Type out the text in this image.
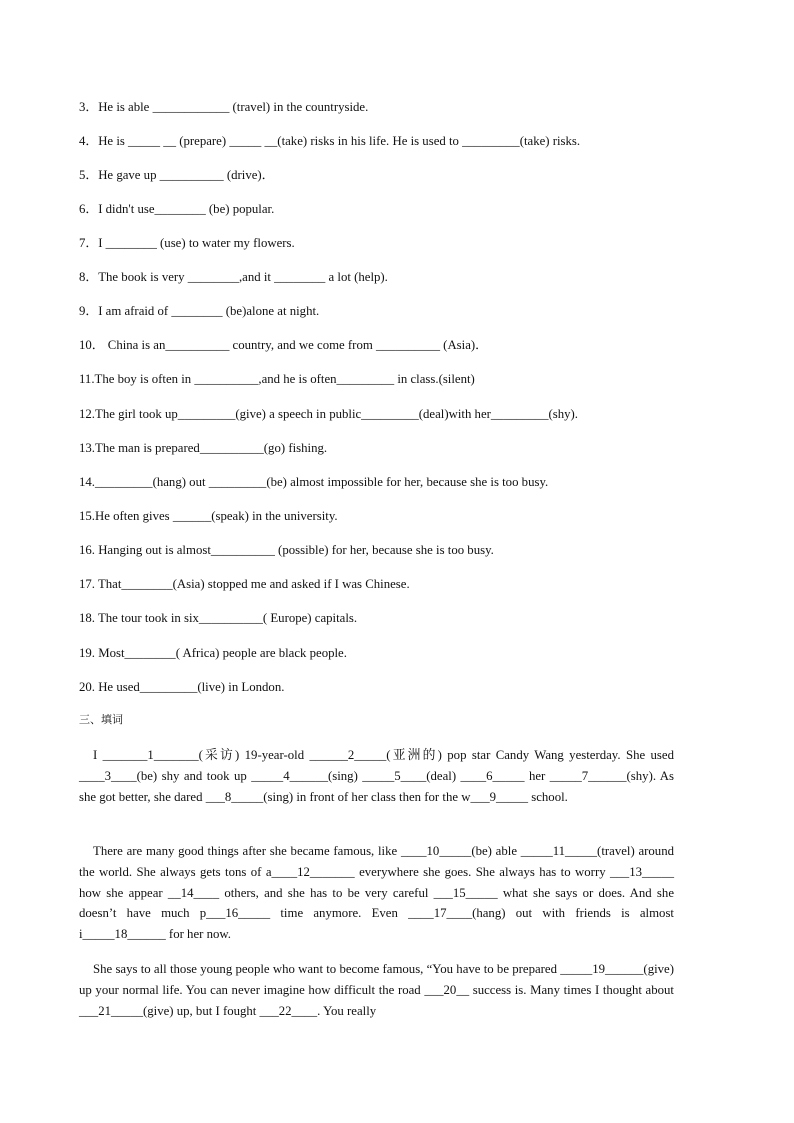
3．He is able ____________ (travel) in the countryside.
4．He is _____ __ (prepare) _____ __(take) risks in his life. He is used to _________(take) risks.
5．He gave up __________ (drive)．
6．I didn't use________ (be) popular.
7．I ________ (use) to water my flowers.
8．The book is very ________,and it ________ a lot (help).
9．I am afraid of ________ (be)alone at night.
10． China is an__________ country, and we come from __________ (Asia)．
11.The boy is often in __________,and he is often_________ in class.(silent)
12.The girl took up_________(give) a speech in public_________(deal)with her_________(shy).
13.The man is prepared__________(go) fishing.
14._________(hang) out _________(be) almost impossible for her, because she is too busy.
15.He often gives ______(speak) in the university.
16. Hanging out is almost__________ (possible) for her, because she is too busy.
17. That________(Asia) stopped me and asked if I was Chinese.
18. The tour took in six__________( Europe) capitals.
19. Most________( Africa) people are black people.
20. He used_________(live) in London.
三、填词

I _______1_______(采访) 19-year-old ______2_____(亚洲的) pop star Candy Wang yesterday. She used ____3____(be) shy and took up _____4______(sing) _____5____(deal) ____6_____ her _____7______(shy). As she got better, she dared ___8_____(sing) in front of her class then for the w___9_____ school.

There are many good things after she became famous, like ____10_____(be) able _____11_____(travel) around the world. She always gets tons of a____12_______ everywhere she goes. She always has to worry ___13_____ how she appear __14____ others, and she has to be very careful ___15_____ what she says or does. And she doesn’t have much p___16_____ time anymore. Even ____17____(hang) out with friends is almost i_____18______ for her now.

She says to all those young people who want to become famous, “You have to be prepared _____19______(give) up your normal life. You can never imagine how difficult the road ___20__ success is. Many times I thought about ___21_____(give) up, but I fought ___22____. You really
